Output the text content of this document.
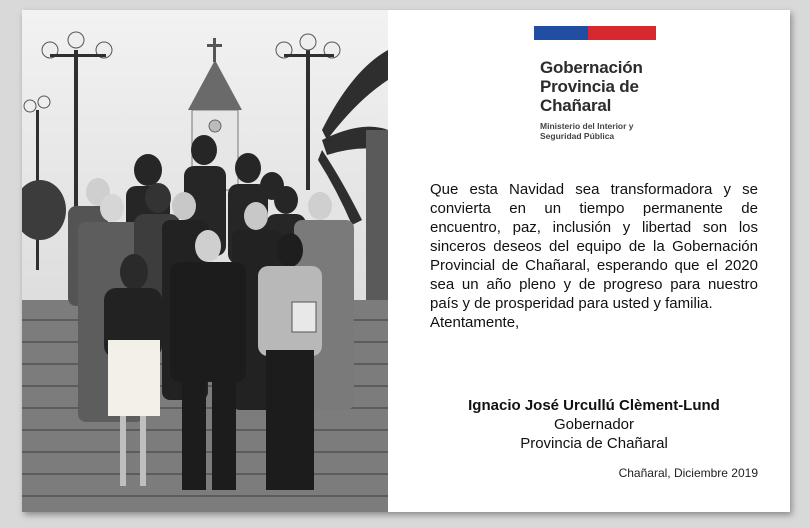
Gobernación
Provincia de
Chañaral
Ministerio del Interior y
Seguridad Pública
Que esta Navidad sea transformadora y se convierta en un tiempo permanente de encuentro, paz, inclusión y libertad son los sinceros deseos del equipo de la Gobernación Provincial de Chañaral, esperando que el 2020 sea un año pleno y de progreso para nuestro país y de prosperidad para usted y familia.
Atentamente,
Ignacio José Urcullú Clèment-Lund
Gobernador
Provincia de Chañaral
Chañaral, Diciembre 2019
